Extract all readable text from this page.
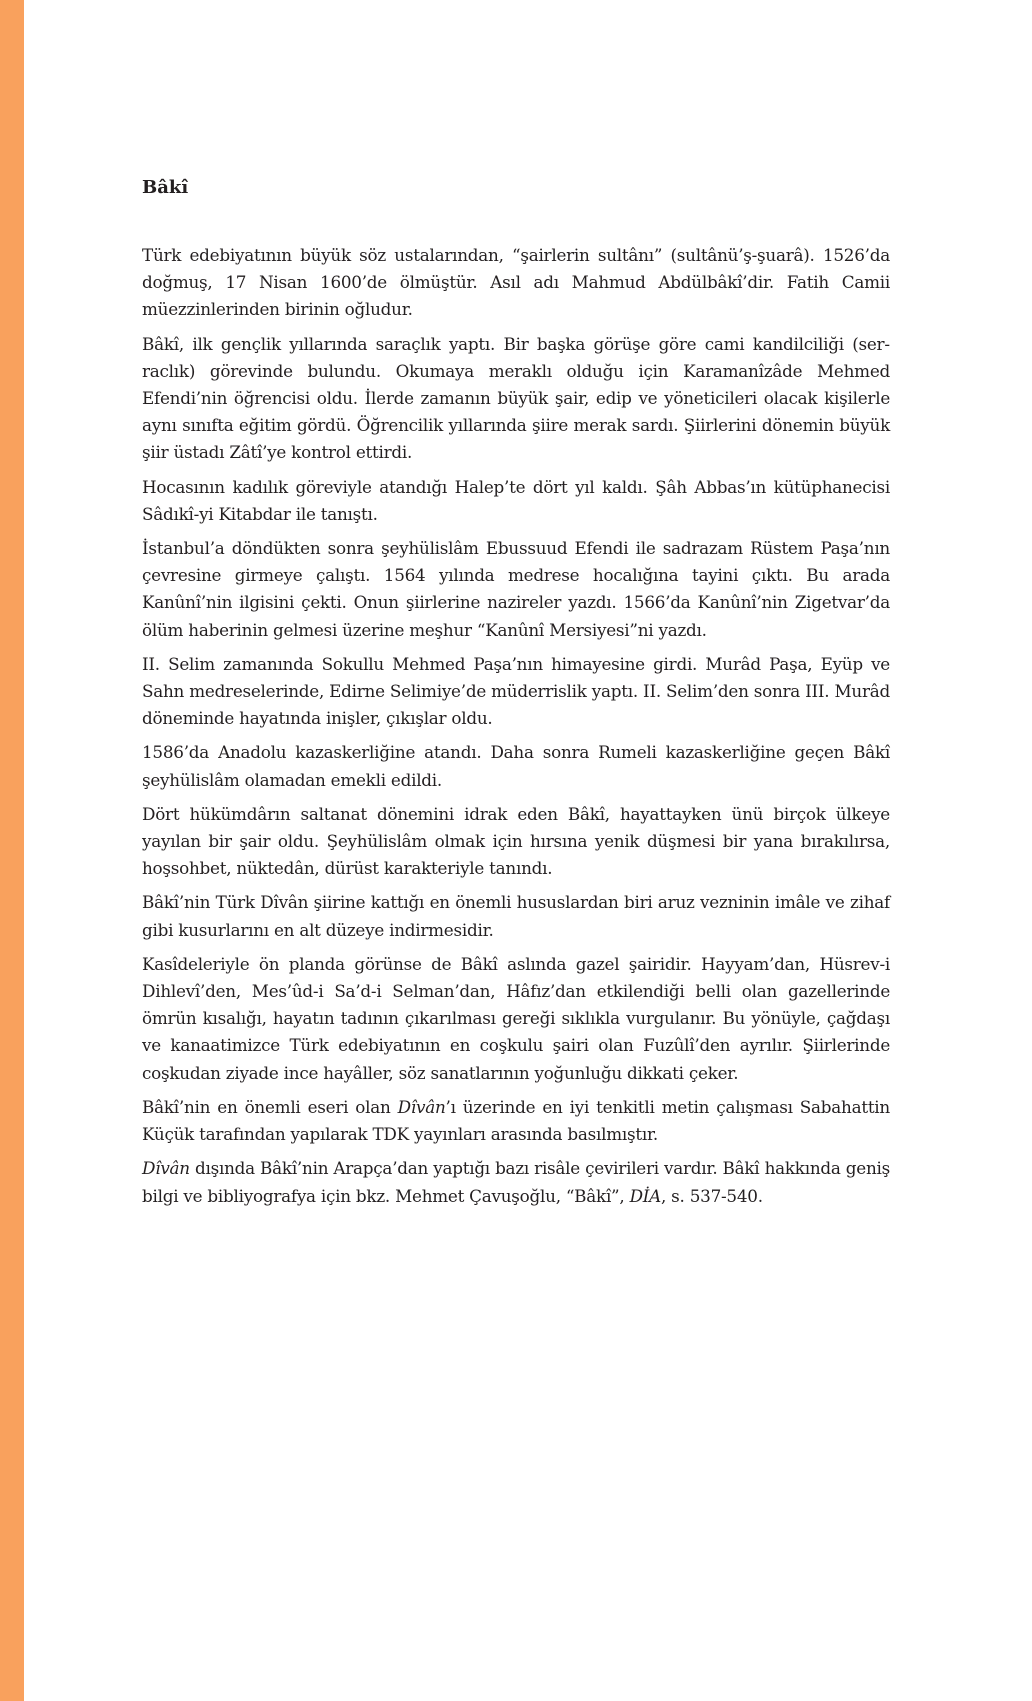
Bâkî

Türk edebiyatının büyük söz ustalarından, “şairlerin sultânı” (sultânü’ş-şuarâ). 1526’da doğmuş, 17 Nisan 1600’de ölmüştür. Asıl adı Mahmud Abdülbâkî’dir. Fatih Camii müezzinlerinden birinin oğludur.

Bâkî, ilk gençlik yıllarında saraçlık yaptı. Bir başka görüşe göre cami kandilciliği (serraclık) görevinde bulundu. Okumaya meraklı olduğu için Karamanîzâde Mehmed Efendi’nin öğrencisi oldu. İlerde zamanın büyük şair, edip ve yöneticileri olacak kişilerle aynı sınıfta eğitim gördü. Öğrencilik yıllarında şiire merak sardı. Şiirlerini dönemin büyük şiir üstadı Zâtî’ye kontrol ettirdi.

Hocasının kadılık göreviyle atandığı Halep’te dört yıl kaldı. Şâh Abbas’ın kütüphanecisi Sâdıkî-yi Kitabdar ile tanıştı.

İstanbul’a döndükten sonra şeyhülislâm Ebussuud Efendi ile sadrazam Rüstem Paşa’nın çevresine girmeye çalıştı. 1564 yılında medrese hocalığına tayini çıktı. Bu arada Kanûnî’nin ilgisini çekti. Onun şiirlerine nazireler yazdı. 1566’da Kanûnî’nin Zigetvar’da ölüm haberinin gelmesi üzerine meşhur “Kanûnî Mersiyesi”ni yazdı.

II. Selim zamanında Sokullu Mehmed Paşa’nın himayesine girdi. Murâd Paşa, Eyüp ve Sahn medreselerinde, Edirne Selimiye’de müderrislik yaptı. II. Selim’den sonra III. Murâd döneminde hayatında inişler, çıkışlar oldu.

1586’da Anadolu kazaskerliğine atandı. Daha sonra Rumeli kazaskerliğine geçen Bâkî şeyhülislâm olamadan emekli edildi.

Dört hükümdârın saltanat dönemini idrak eden Bâkî, hayattayken ünü birçok ülkeye yayılan bir şair oldu. Şeyhülislâm olmak için hırsına yenik düşmesi bir yana bırakılırsa, hoşsohbet, nüktedân, dürüst karakteriyle tanındı.

Bâkî’nin Türk Dîvân şiirine kattığı en önemli hususlardan biri aruz vezninin imâle ve zihaf gibi kusurlarını en alt düzeye indirmesidir.

Kasîdeleriyle ön planda görünse de Bâkî aslında gazel şairidir. Hayyam’dan, Hüsrev-i Dihlevî’den, Mes’ûd-i Sa’d-i Selman’dan, Hâfız’dan etkilendiği belli olan gazellerinde ömrün kısalığı, hayatın tadının çıkarılması gereği sıklıkla vurgulanır. Bu yönüyle, çağdaşı ve kanaatimizce Türk edebiyatının en coşkulu şairi olan Fuzûlî’den ayrılır. Şiirlerinde coşkudan ziyade ince hayâller, söz sanatlarının yoğunluğu dikkati çeker.

Bâkî’nin en önemli eseri olan Dîvân’ı üzerinde en iyi tenkitli metin çalışması Sabahattin Küçük tarafından yapılarak TDK yayınları arasında basılmıştır.

Dîvân dışında Bâkî’nin Arapça’dan yaptığı bazı risâle çevirileri vardır. Bâkî hakkında geniş bilgi ve bibliyografya için bkz. Mehmet Çavuşoğlu, “Bâkî”, DİA, s. 537-540.
